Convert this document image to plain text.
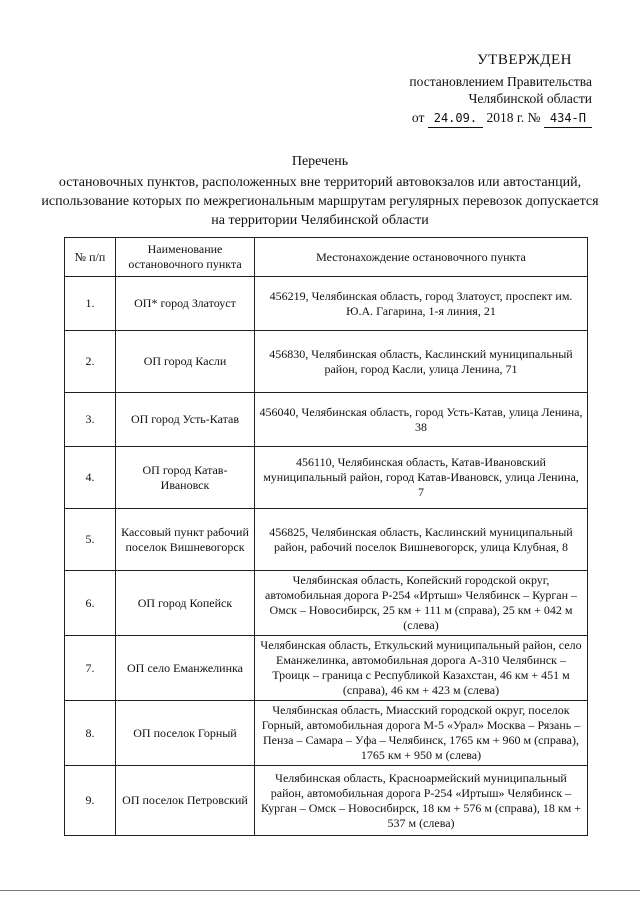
УТВЕРЖДЕН
постановлением Правительства
Челябинской области
от 24.09. 2018 г. № 434-П
Перечень
остановочных пунктов, расположенных вне территорий автовокзалов или автостанций, использование которых по межрегиональным маршрутам регулярных перевозок допускается на территории Челябинской области
№ п/п	Наименование остановочного пункта	Местонахождение остановочного пункта
1.	ОП* город Златоуст	456219, Челябинская область, город Златоуст, проспект им. Ю.А. Гагарина, 1-я линия, 21
2.	ОП город Касли	456830, Челябинская область, Каслинский муниципальный район, город Касли, улица Ленина, 71
3.	ОП город Усть-Катав	456040, Челябинская область, город Усть-Катав, улица Ленина, 38
4.	ОП город Катав-Ивановск	456110, Челябинская область, Катав-Ивановский муниципальный район, город Катав-Ивановск, улица Ленина, 7
5.	Кассовый пункт рабочий поселок Вишневогорск	456825, Челябинская область, Каслинский муниципальный район, рабочий поселок Вишневогорск, улица Клубная, 8
6.	ОП город Копейск	Челябинская область, Копейский городской округ, автомобильная дорога Р-254 «Иртыш» Челябинск – Курган – Омск – Новосибирск, 25 км + 111 м (справа), 25 км + 042 м (слева)
7.	ОП село Еманжелинка	Челябинская область, Еткульский муниципальный район, село Еманжелинка, автомобильная дорога А-310 Челябинск – Троицк – граница с Республикой Казахстан, 46 км + 451 м (справа), 46 км + 423 м (слева)
8.	ОП поселок Горный	Челябинская область, Миасский городской округ, поселок Горный, автомобильная дорога М-5 «Урал» Москва – Рязань – Пенза – Самара – Уфа – Челябинск, 1765 км + 960 м (справа), 1765 км + 950 м (слева)
9.	ОП поселок Петровский	Челябинская область, Красноармейский муниципальный район, автомобильная дорога Р-254 «Иртыш» Челябинск – Курган – Омск – Новосибирск, 18 км + 576 м (справа), 18 км + 537 м (слева)
